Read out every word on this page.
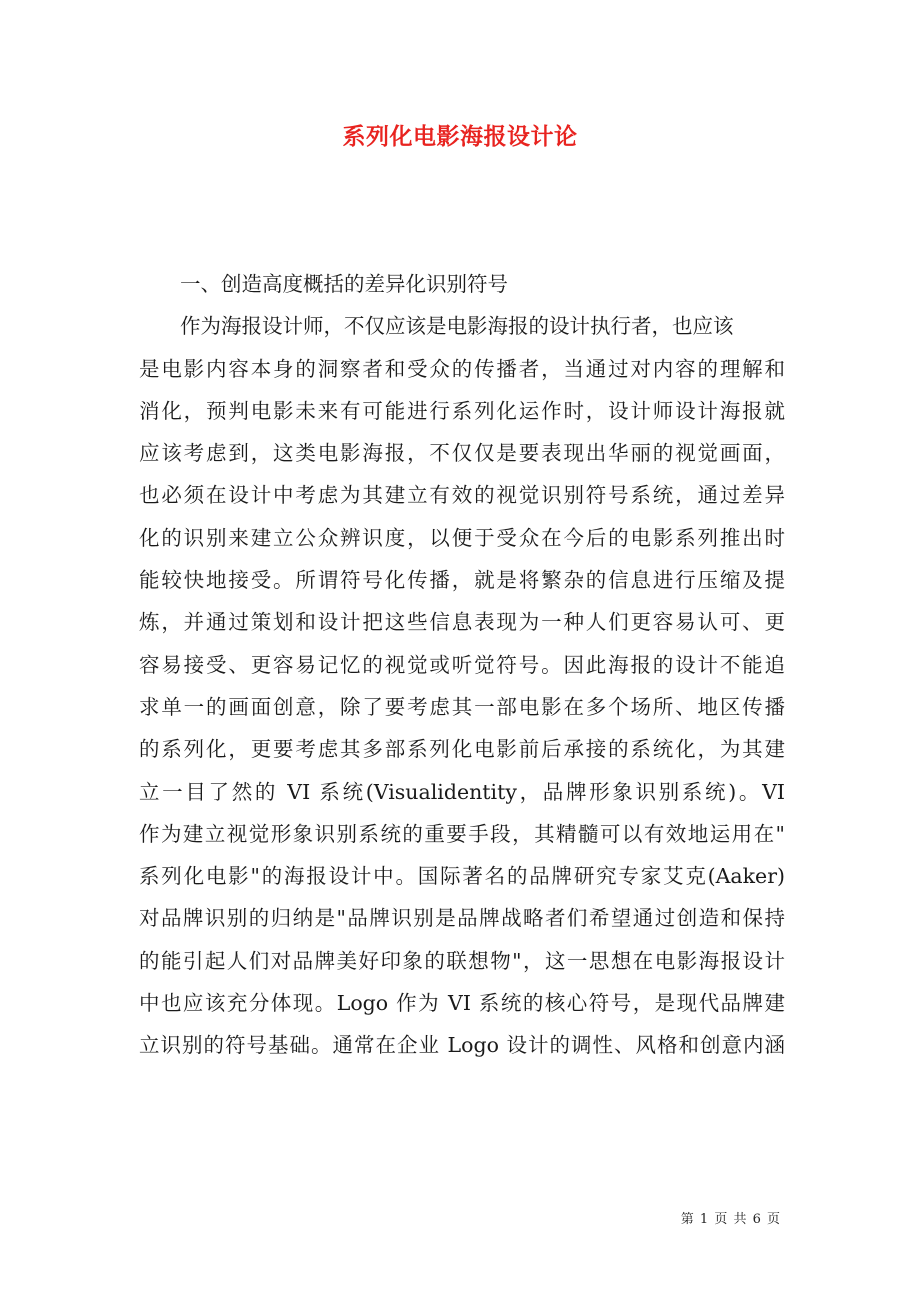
系列化电影海报设计论
一、创造高度概括的差异化识别符号
作为海报设计师，不仅应该是电影海报的设计执行者，也应该
是电影内容本身的洞察者和受众的传播者，当通过对内容的理解和
消化，预判电影未来有可能进行系列化运作时，设计师设计海报就
应该考虑到，这类电影海报，不仅仅是要表现出华丽的视觉画面，
也必须在设计中考虑为其建立有效的视觉识别符号系统，通过差异
化的识别来建立公众辨识度，以便于受众在今后的电影系列推出时
能较快地接受。所谓符号化传播，就是将繁杂的信息进行压缩及提
炼，并通过策划和设计把这些信息表现为一种人们更容易认可、更
容易接受、更容易记忆的视觉或听觉符号。因此海报的设计不能追
求单一的画面创意，除了要考虑其一部电影在多个场所、地区传播
的系列化，更要考虑其多部系列化电影前后承接的系统化，为其建
立一目了然的 VI 系统(Visualidentity，品牌形象识别系统)。VI
作为建立视觉形象识别系统的重要手段，其精髓可以有效地运用在"
系列化电影"的海报设计中。国际著名的品牌研究专家艾克(Aaker)
对品牌识别的归纳是"品牌识别是品牌战略者们希望通过创造和保持
的能引起人们对品牌美好印象的联想物"，这一思想在电影海报设计
中也应该充分体现。Logo 作为 VI 系统的核心符号，是现代品牌建
立识别的符号基础。通常在企业 Logo 设计的调性、风格和创意内涵
第 1 页 共 6 页
